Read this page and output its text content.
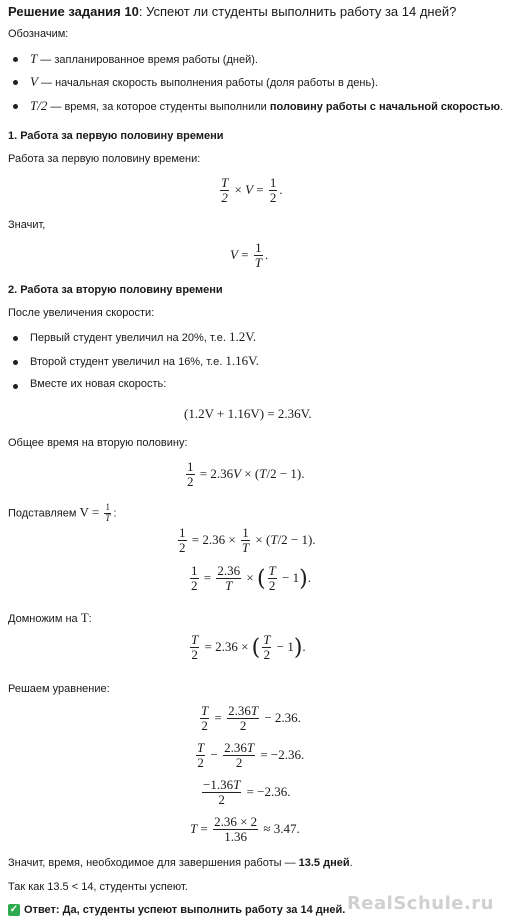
Решение задания 10: Успеют ли студенты выполнить работу за 14 дней?
Обозначим:
T — запланированное время работы (дней).
V — начальная скорость выполнения работы (доля работы в день).
T/2 — время, за которое студенты выполнили половину работы с начальной скоростью.
1. Работа за первую половину времени
Работа за первую половину времени:
$\frac{T}{2} \times V = \frac{1}{2}$ .
Значит,
$V = \frac{1}{T}$ .
2. Работа за вторую половину времени
После увеличения скорости:
Первый студент увеличил на 20%, т.е. 1.2V.
Второй студент увеличил на 16%, т.е. 1.16V.
Вместе их новая скорость:
(1.2V + 1.16V) = 2.36V.
Общее время на вторую половину:
$\frac{1}{2} = 2.36V \times (T/2 - 1)$.
Подставляем $V = \frac{1}{T}$ :
$\frac{1}{2} = 2.36 \times \frac{1}{T} \times (T/2 - 1)$.
$\frac{1}{2} = \frac{2.36}{T}$ × ( $\frac{T}{2} - 1$).
Домножим на T:
$\frac{T}{2} = 2.36$ × ( $\frac{T}{2} - 1$).
Решаем уравнение:
$\frac{T}{2} = \frac{2.36T}{2} - 2.36$.
$\frac{T}{2} - \frac{2.36T}{2} = -2.36$.
$\frac{-1.36T}{2} = -2.36$.
$T = \frac{2.36 \times 2}{1.36} \approx 3.47$.
Значит, время, необходимое для завершения работы — 13.5 дней.
Так как 13.5 < 14, студенты успеют.
✓ Ответ: Да, студенты успеют выполнить работу за 14 дней. RealSchule.ru
